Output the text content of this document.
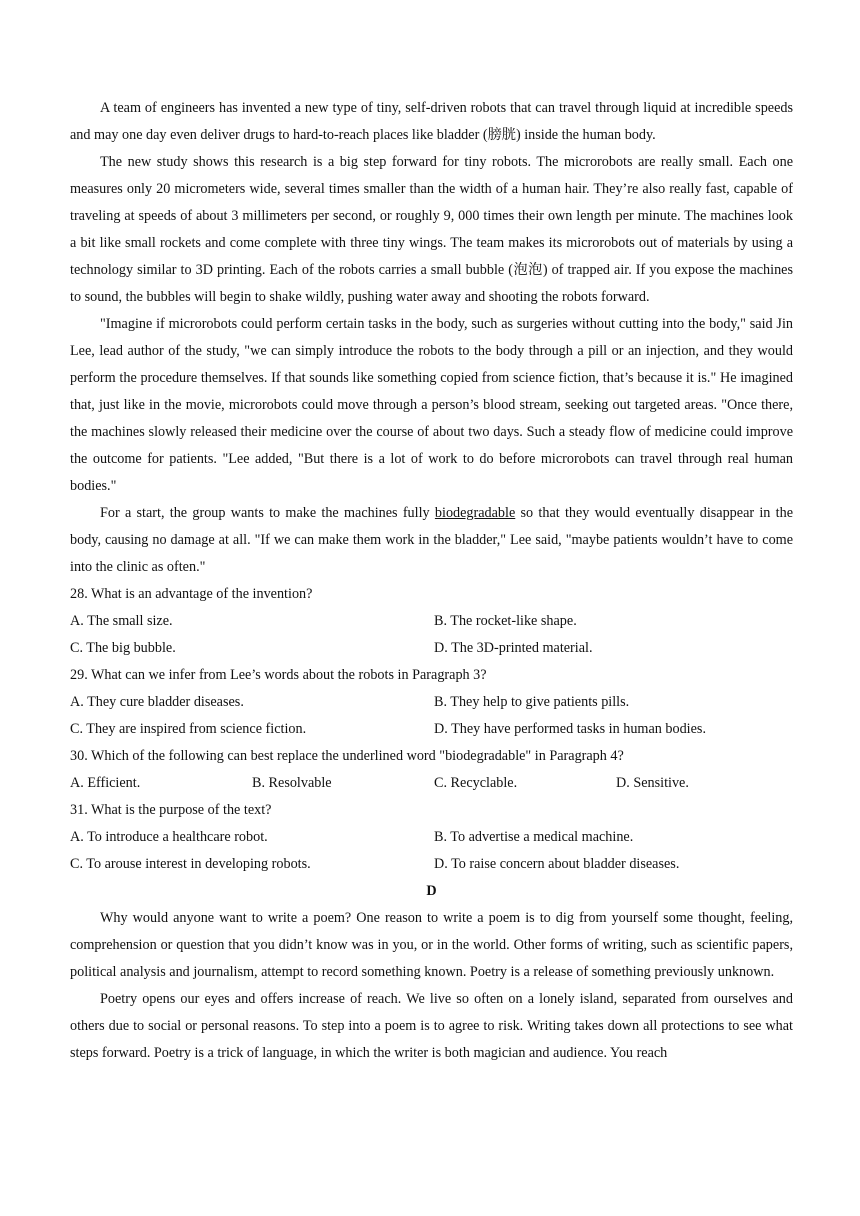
A team of engineers has invented a new type of tiny, self-driven robots that can travel through liquid at incredible speeds and may one day even deliver drugs to hard-to-reach places like bladder (膀胱) inside the human body.

The new study shows this research is a big step forward for tiny robots. The microrobots are really small. Each one measures only 20 micrometers wide, several times smaller than the width of a human hair. They’re also really fast, capable of traveling at speeds of about 3 millimeters per second, or roughly 9, 000 times their own length per minute. The machines look a bit like small rockets and come complete with three tiny wings. The team makes its microrobots out of materials by using a technology similar to 3D printing. Each of the robots carries a small bubble (泡泡) of trapped air. If you expose the machines to sound, the bubbles will begin to shake wildly, pushing water away and shooting the robots forward.

"Imagine if microrobots could perform certain tasks in the body, such as surgeries without cutting into the body," said Jin Lee, lead author of the study, "we can simply introduce the robots to the body through a pill or an injection, and they would perform the procedure themselves. If that sounds like something copied from science fiction, that’s because it is." He imagined that, just like in the movie, microrobots could move through a person’s blood stream, seeking out targeted areas. "Once there, the machines slowly released their medicine over the course of about two days. Such a steady flow of medicine could improve the outcome for patients. "Lee added, "But there is a lot of work to do before microrobots can travel through real human bodies."

For a start, the group wants to make the machines fully biodegradable so that they would eventually disappear in the body, causing no damage at all. "If we can make them work in the bladder," Lee said, "maybe patients wouldn’t have to come into the clinic as often."

28. What is an advantage of the invention?

A. The small size.	B. The rocket-like shape.
C. The big bubble.	D. The 3D-printed material.

29. What can we infer from Lee’s words about the robots in Paragraph 3?

A. They cure bladder diseases.	B. They help to give patients pills.
C. They are inspired from science fiction.	D. They have performed tasks in human bodies.

30. Which of the following can best replace the underlined word "biodegradable" in Paragraph 4?

A. Efficient.	B. Resolvable	C. Recyclable.	D. Sensitive.

31. What is the purpose of the text?

A. To introduce a healthcare robot.	B. To advertise a medical machine.
C. To arouse interest in developing robots.	D. To raise concern about bladder diseases.

D

Why would anyone want to write a poem? One reason to write a poem is to dig from yourself some thought, feeling, comprehension or question that you didn’t know was in you, or in the world. Other forms of writing, such as scientific papers, political analysis and journalism, attempt to record something known. Poetry is a release of something previously unknown.

Poetry opens our eyes and offers increase of reach. We live so often on a lonely island, separated from ourselves and others due to social or personal reasons. To step into a poem is to agree to risk. Writing takes down all protections to see what steps forward. Poetry is a trick of language, in which the writer is both magician and audience. You reach
